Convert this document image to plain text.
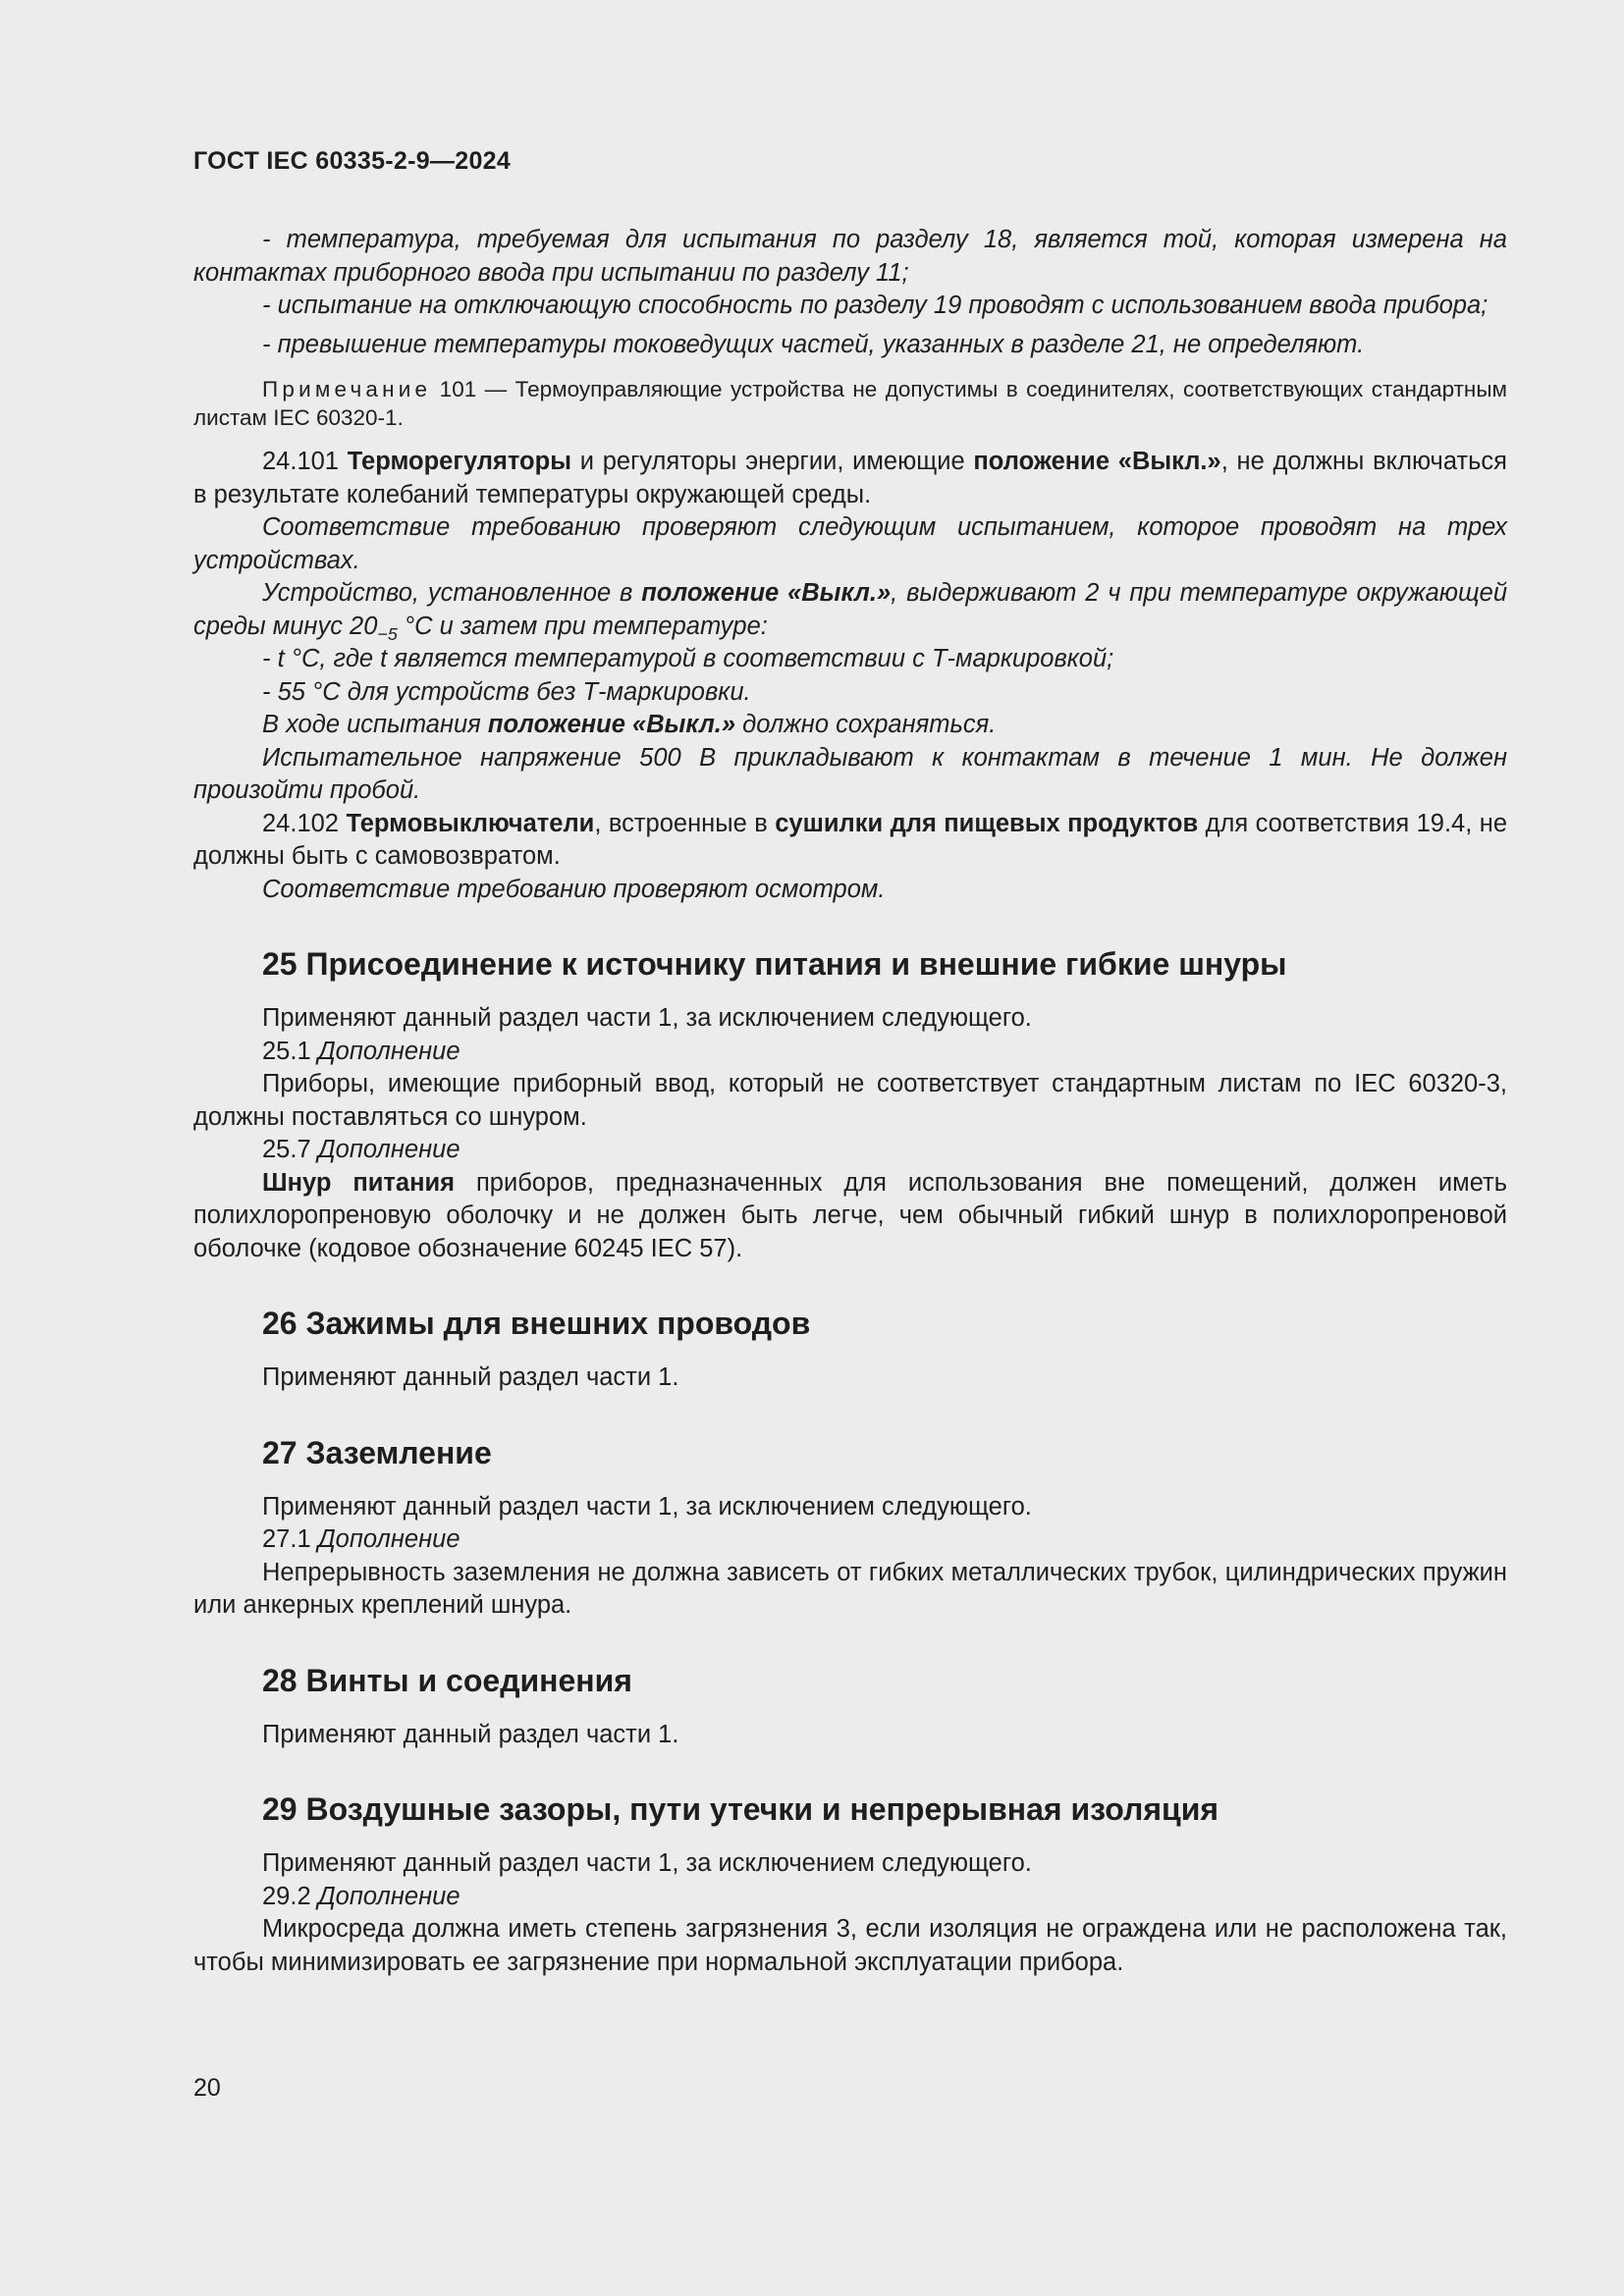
ГОСТ IEC 60335-2-9—2024

- температура, требуемая для испытания по разделу 18, является той, которая измерена на контактах приборного ввода при испытании по разделу 11;

- испытание на отключающую способность по разделу 19 проводят с использованием ввода прибора;

- превышение температуры токоведущих частей, указанных в разделе 21, не определяют.

Примечание 101 — Термоуправляющие устройства не допустимы в соединителях, соответствующих стандартным листам IEC 60320-1.

24.101 Терморегуляторы и регуляторы энергии, имеющие положение «Выкл.», не должны включаться в результате колебаний температуры окружающей среды.

Соответствие требованию проверяют следующим испытанием, которое проводят на трех устройствах.

Устройство, установленное в положение «Выкл.», выдерживают 2 ч при температуре окружающей среды минус $20_{-5}$ °С и затем при температуре:

- t °С, где t является температурой в соответствии с Т-маркировкой;

- 55 °С для устройств без Т-маркировки.

В ходе испытания положение «Выкл.» должно сохраняться.

Испытательное напряжение 500 В прикладывают к контактам в течение 1 мин. Не должен произойти пробой.

24.102 Термовыключатели, встроенные в сушилки для пищевых продуктов для соответствия 19.4, не должны быть с самовозвратом.

Соответствие требованию проверяют осмотром.

25 Присоединение к источнику питания и внешние гибкие шнуры

Применяют данный раздел части 1, за исключением следующего.

25.1 Дополнение

Приборы, имеющие приборный ввод, который не соответствует стандартным листам по IEC 60320-3, должны поставляться со шнуром.

25.7 Дополнение

Шнур питания приборов, предназначенных для использования вне помещений, должен иметь полихлоропреновую оболочку и не должен быть легче, чем обычный гибкий шнур в полихлоропреновой оболочке (кодовое обозначение 60245 IEC 57).

26 Зажимы для внешних проводов

Применяют данный раздел части 1.

27 Заземление

Применяют данный раздел части 1, за исключением следующего.

27.1 Дополнение

Непрерывность заземления не должна зависеть от гибких металлических трубок, цилиндрических пружин или анкерных креплений шнура.

28 Винты и соединения

Применяют данный раздел части 1.

29 Воздушные зазоры, пути утечки и непрерывная изоляция

Применяют данный раздел части 1, за исключением следующего.

29.2 Дополнение

Микросреда должна иметь степень загрязнения 3, если изоляция не ограждена или не расположена так, чтобы минимизировать ее загрязнение при нормальной эксплуатации прибора.

20
